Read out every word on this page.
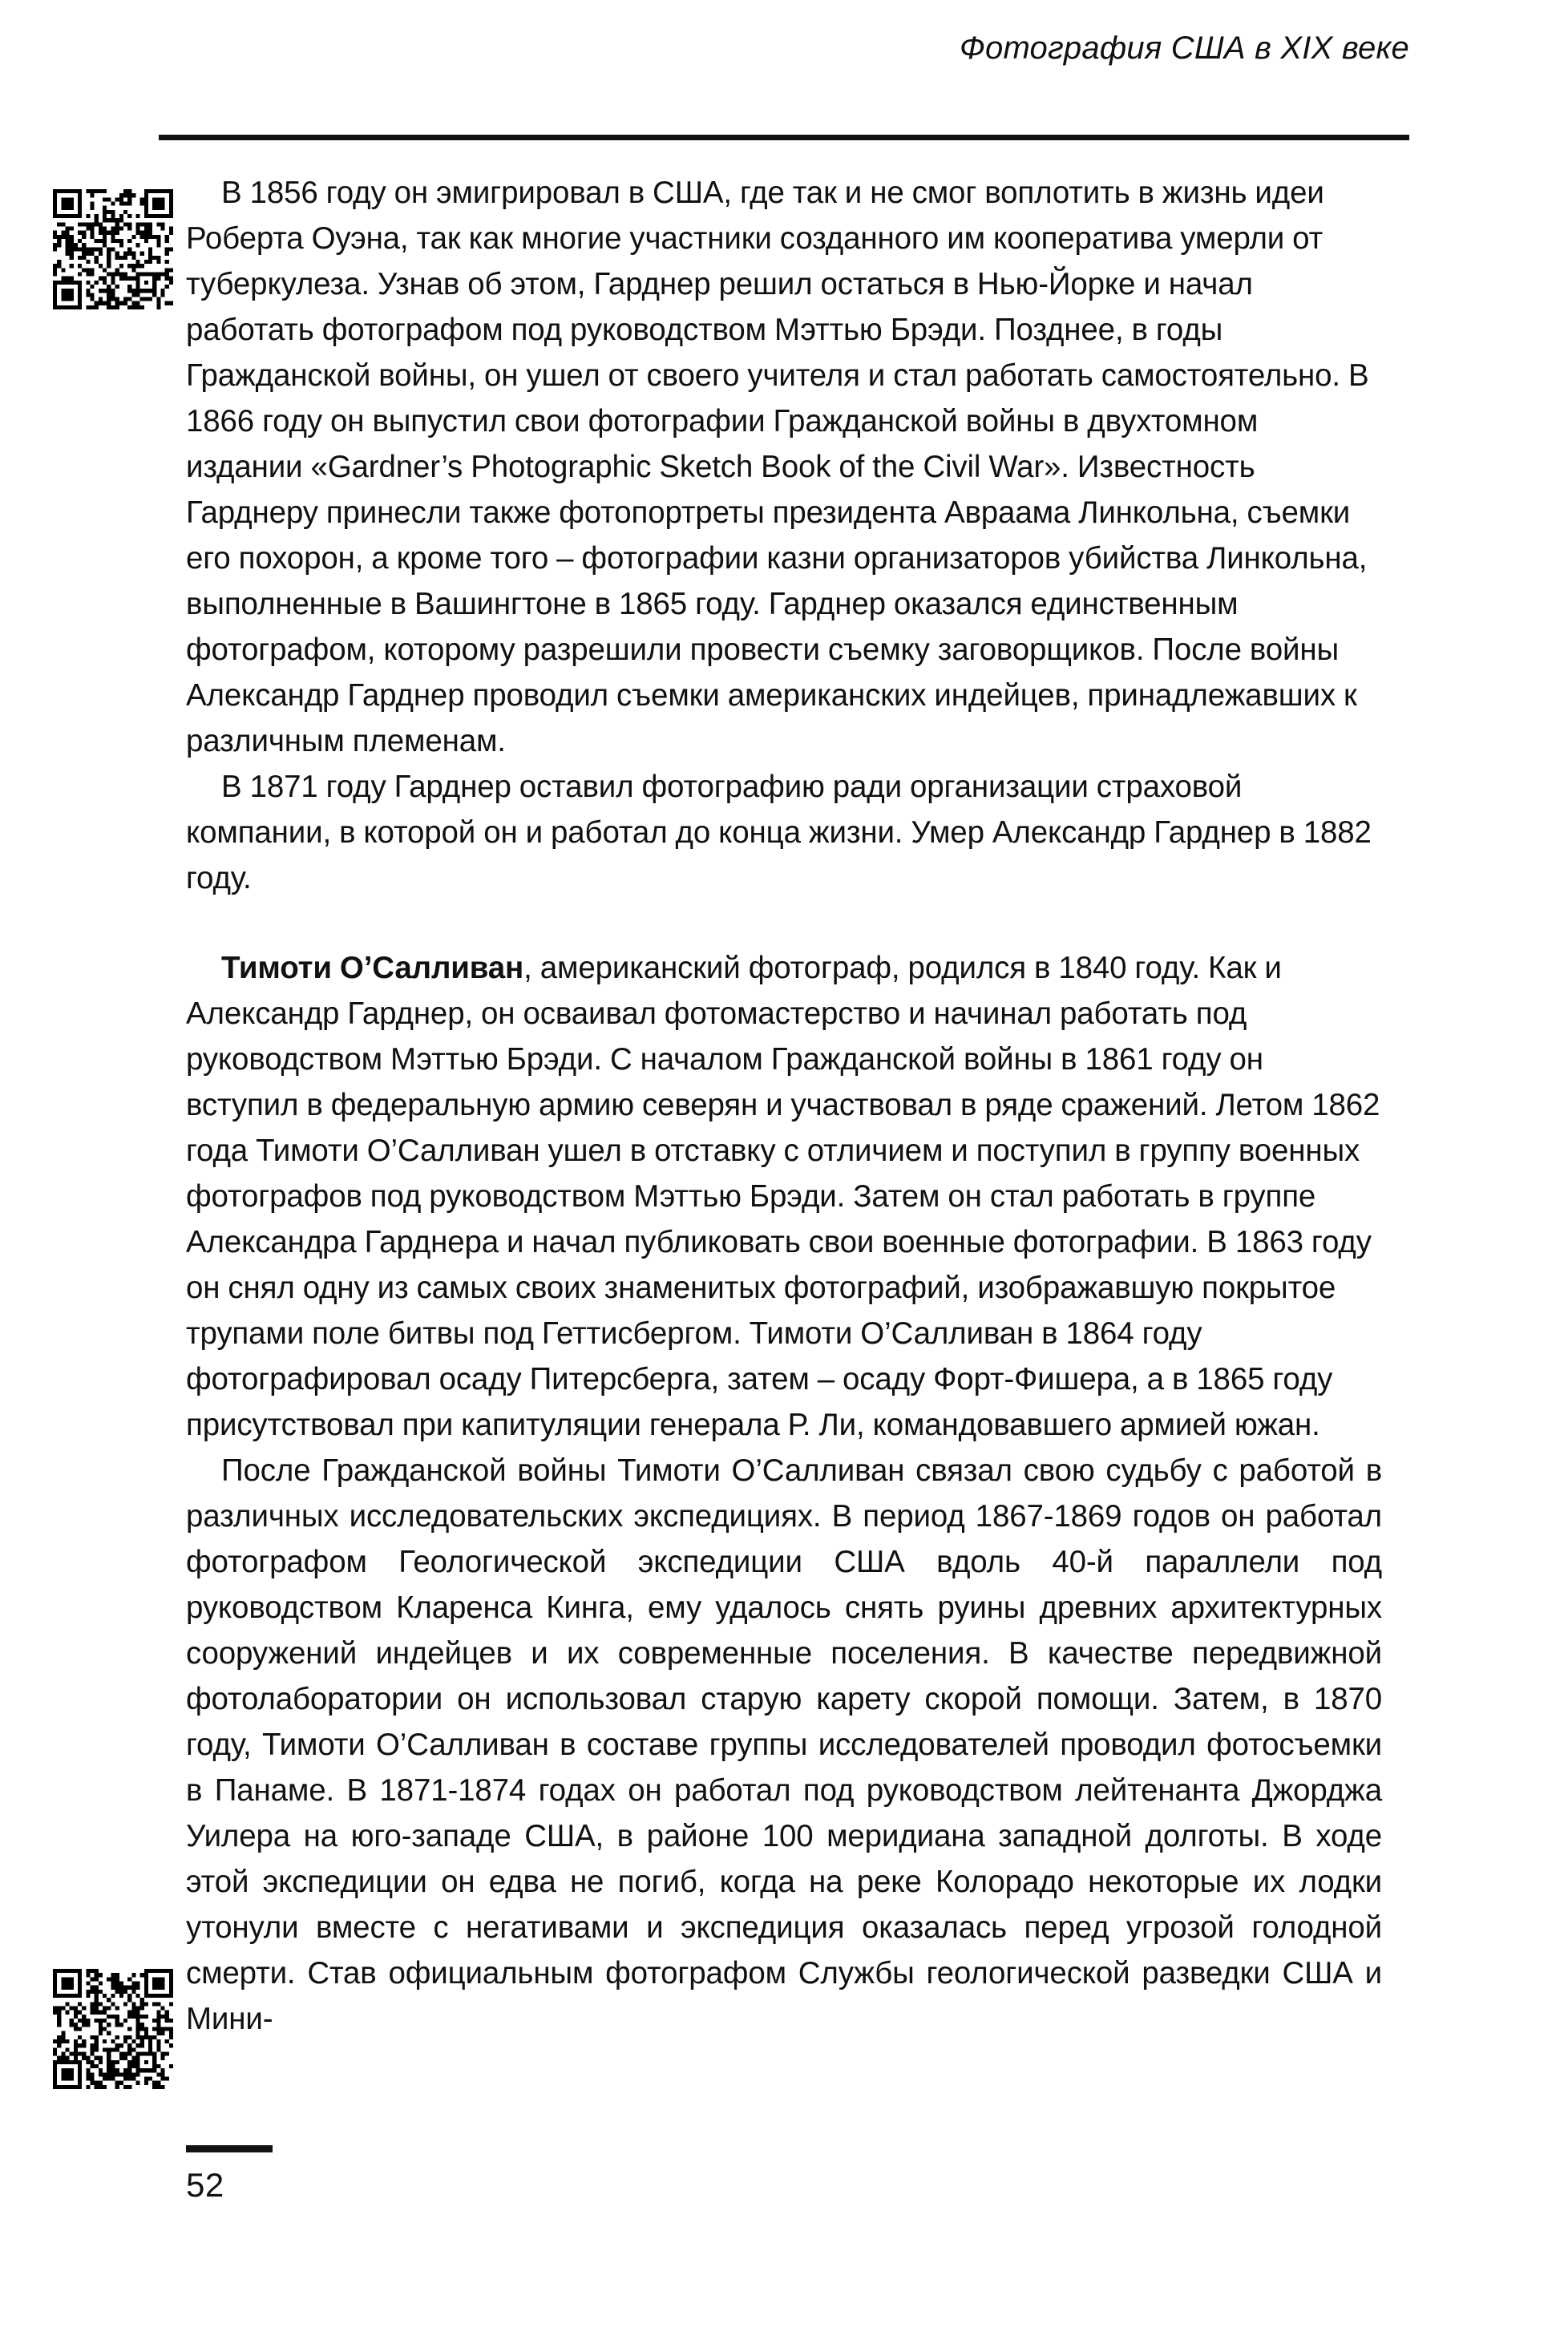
Фотография США в XIX веке

В 1856 году он эмигрировал в США, где так и не смог воплотить в жизнь идеи Роберта Оуэна, так как многие участники созданного им кооператива умерли от туберкулеза. Узнав об этом, Гарднер решил остаться в Нью-Йорке и начал работать фотографом под руководством Мэттью Брэди. Позднее, в годы Гражданской войны, он ушел от своего учителя и стал работать самостоятельно. В 1866 году он выпустил свои фотографии Гражданской войны в двухтомном издании «Gardner’s Photographic Sketch Book of the Civil War». Известность Гарднеру принесли также фотопортреты президента Авраама Линкольна, съемки его похорон, а кроме того – фотографии казни организаторов убийства Линкольна, выполненные в Вашингтоне в 1865 году. Гарднер оказался единственным фотографом, которому разрешили провести съемку заговорщиков. После войны Александр Гарднер проводил съемки американских индейцев, принадлежавших к различным племенам.

В 1871 году Гарднер оставил фотографию ради организации страховой компании, в которой он и работал до конца жизни. Умер Александр Гарднер в 1882 году.

Тимоти О’Салливан, американский фотограф, родился в 1840 году. Как и Александр Гарднер, он осваивал фотомастерство и начинал работать под руководством Мэттью Брэди. С началом Гражданской войны в 1861 году он вступил в федеральную армию северян и участвовал в ряде сражений. Летом 1862 года Тимоти О’Салливан ушел в отставку с отличием и поступил в группу военных фотографов под руководством Мэттью Брэди. Затем он стал работать в группе Александра Гарднера и начал публиковать свои военные фотографии. В 1863 году он снял одну из самых своих знаменитых фотографий, изображавшую покрытое трупами поле битвы под Геттисбергом. Тимоти О’Салливан в 1864 году фотографировал осаду Питерсберга, затем – осаду Форт-Фишера, а в 1865 году присутствовал при капитуляции генерала Р. Ли, командовавшего армией южан.

После Гражданской войны Тимоти О’Салливан связал свою судьбу с работой в различных исследовательских экспедициях. В период 1867-1869 годов он работал фотографом Геологической экспедиции США вдоль 40-й параллели под руководством Кларенса Кинга, ему удалось снять руины древних архитектурных сооружений индейцев и их современные поселения. В качестве передвижной фотолаборатории он использовал старую карету скорой помощи. Затем, в 1870 году, Тимоти О’Салливан в составе группы исследователей проводил фотосъемки в Панаме. В 1871-1874 годах он работал под руководством лейтенанта Джорджа Уилера на юго-западе США, в районе 100 меридиана западной долготы. В ходе этой экспедиции он едва не погиб, когда на реке Колорадо некоторые их лодки утонули вместе с негативами и экспедиция оказалась перед угрозой голодной смерти. Став официальным фотографом Службы геологической разведки США и Мини-

52
